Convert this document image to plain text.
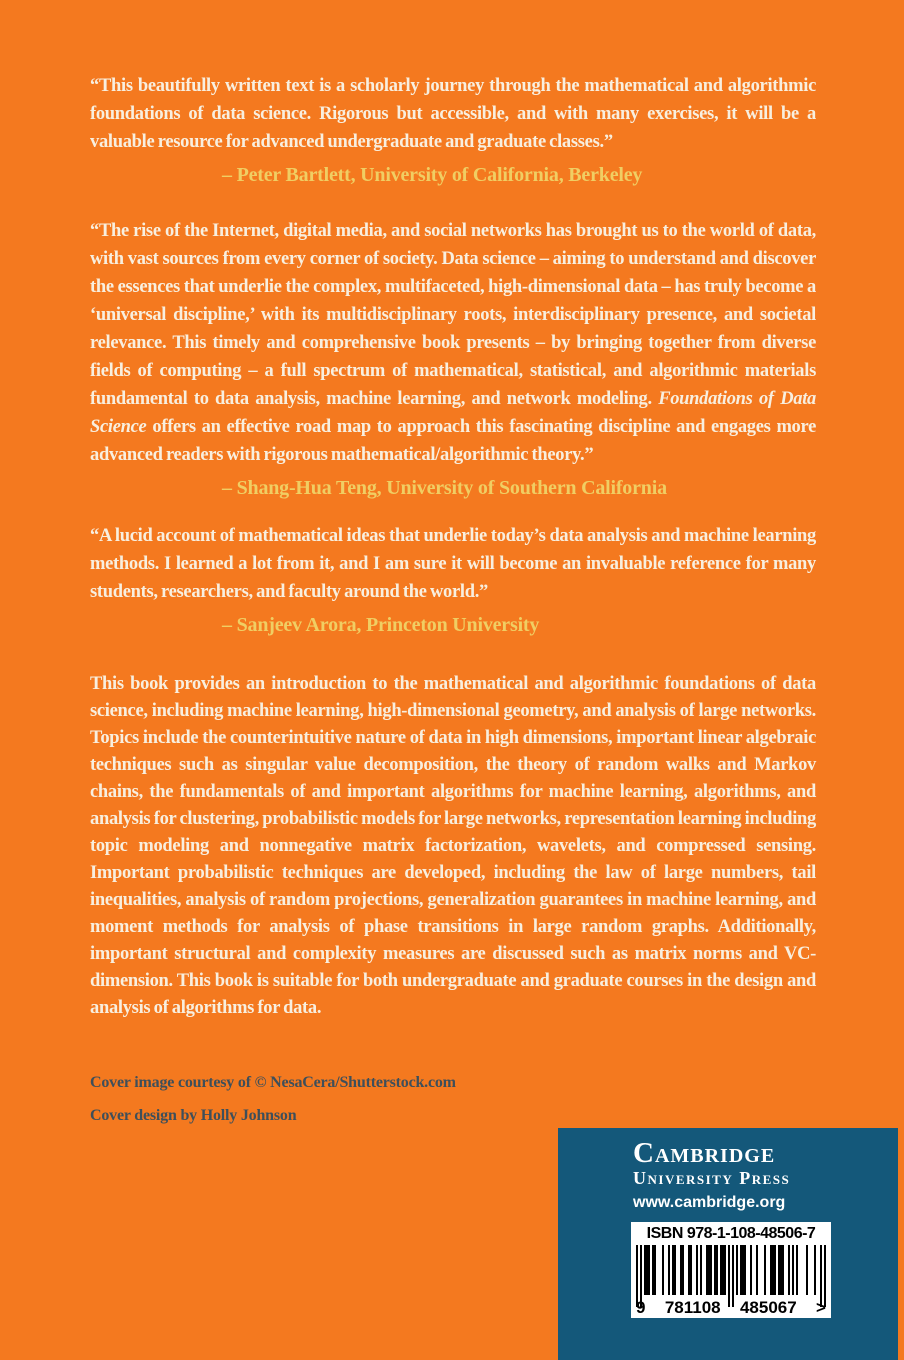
“This beautifully written text is a scholarly journey through the mathematical and algorithmic foundations of data science. Rigorous but accessible, and with many exercises, it will be a valuable resource for advanced undergraduate and graduate classes.”

– Peter Bartlett, University of California, Berkeley

“The rise of the Internet, digital media, and social networks has brought us to the world of data, with vast sources from every corner of society. Data science – aiming to understand and discover the essences that underlie the complex, multifaceted, high-dimensional data – has truly become a ‘universal discipline,’ with its multidisciplinary roots, interdisciplinary presence, and societal relevance. This timely and comprehensive book presents – by bringing together from diverse fields of computing – a full spectrum of mathematical, statistical, and algorithmic materials fundamental to data analysis, machine learning, and network modeling. Foundations of Data Science offers an effective road map to approach this fascinating discipline and engages more advanced readers with rigorous mathematical/algorithmic theory.”

– Shang-Hua Teng, University of Southern California

“A lucid account of mathematical ideas that underlie today’s data analysis and machine learning methods. I learned a lot from it, and I am sure it will become an invaluable reference for many students, researchers, and faculty around the world.”

– Sanjeev Arora, Princeton University

This book provides an introduction to the mathematical and algorithmic foundations of data science, including machine learning, high-dimensional geometry, and analysis of large networks. Topics include the counterintuitive nature of data in high dimensions, important linear algebraic techniques such as singular value decomposition, the theory of random walks and Markov chains, the fundamentals of and important algorithms for machine learning, algorithms, and analysis for clustering, probabilistic models for large networks, representation learning including topic modeling and nonnegative matrix factorization, wavelets, and compressed sensing. Important probabilistic techniques are developed, including the law of large numbers, tail inequalities, analysis of random projections, generalization guarantees in machine learning, and moment methods for analysis of phase transitions in large random graphs. Additionally, important structural and complexity measures are discussed such as matrix norms and VC-dimension. This book is suitable for both undergraduate and graduate courses in the design and analysis of algorithms for data.

Cover image courtesy of © NesaCera/Shutterstock.com

Cover design by Holly Johnson

Cambridge
University Press
www.cambridge.org
ISBN 978-1-108-48506-7
9 781108 485067 >
